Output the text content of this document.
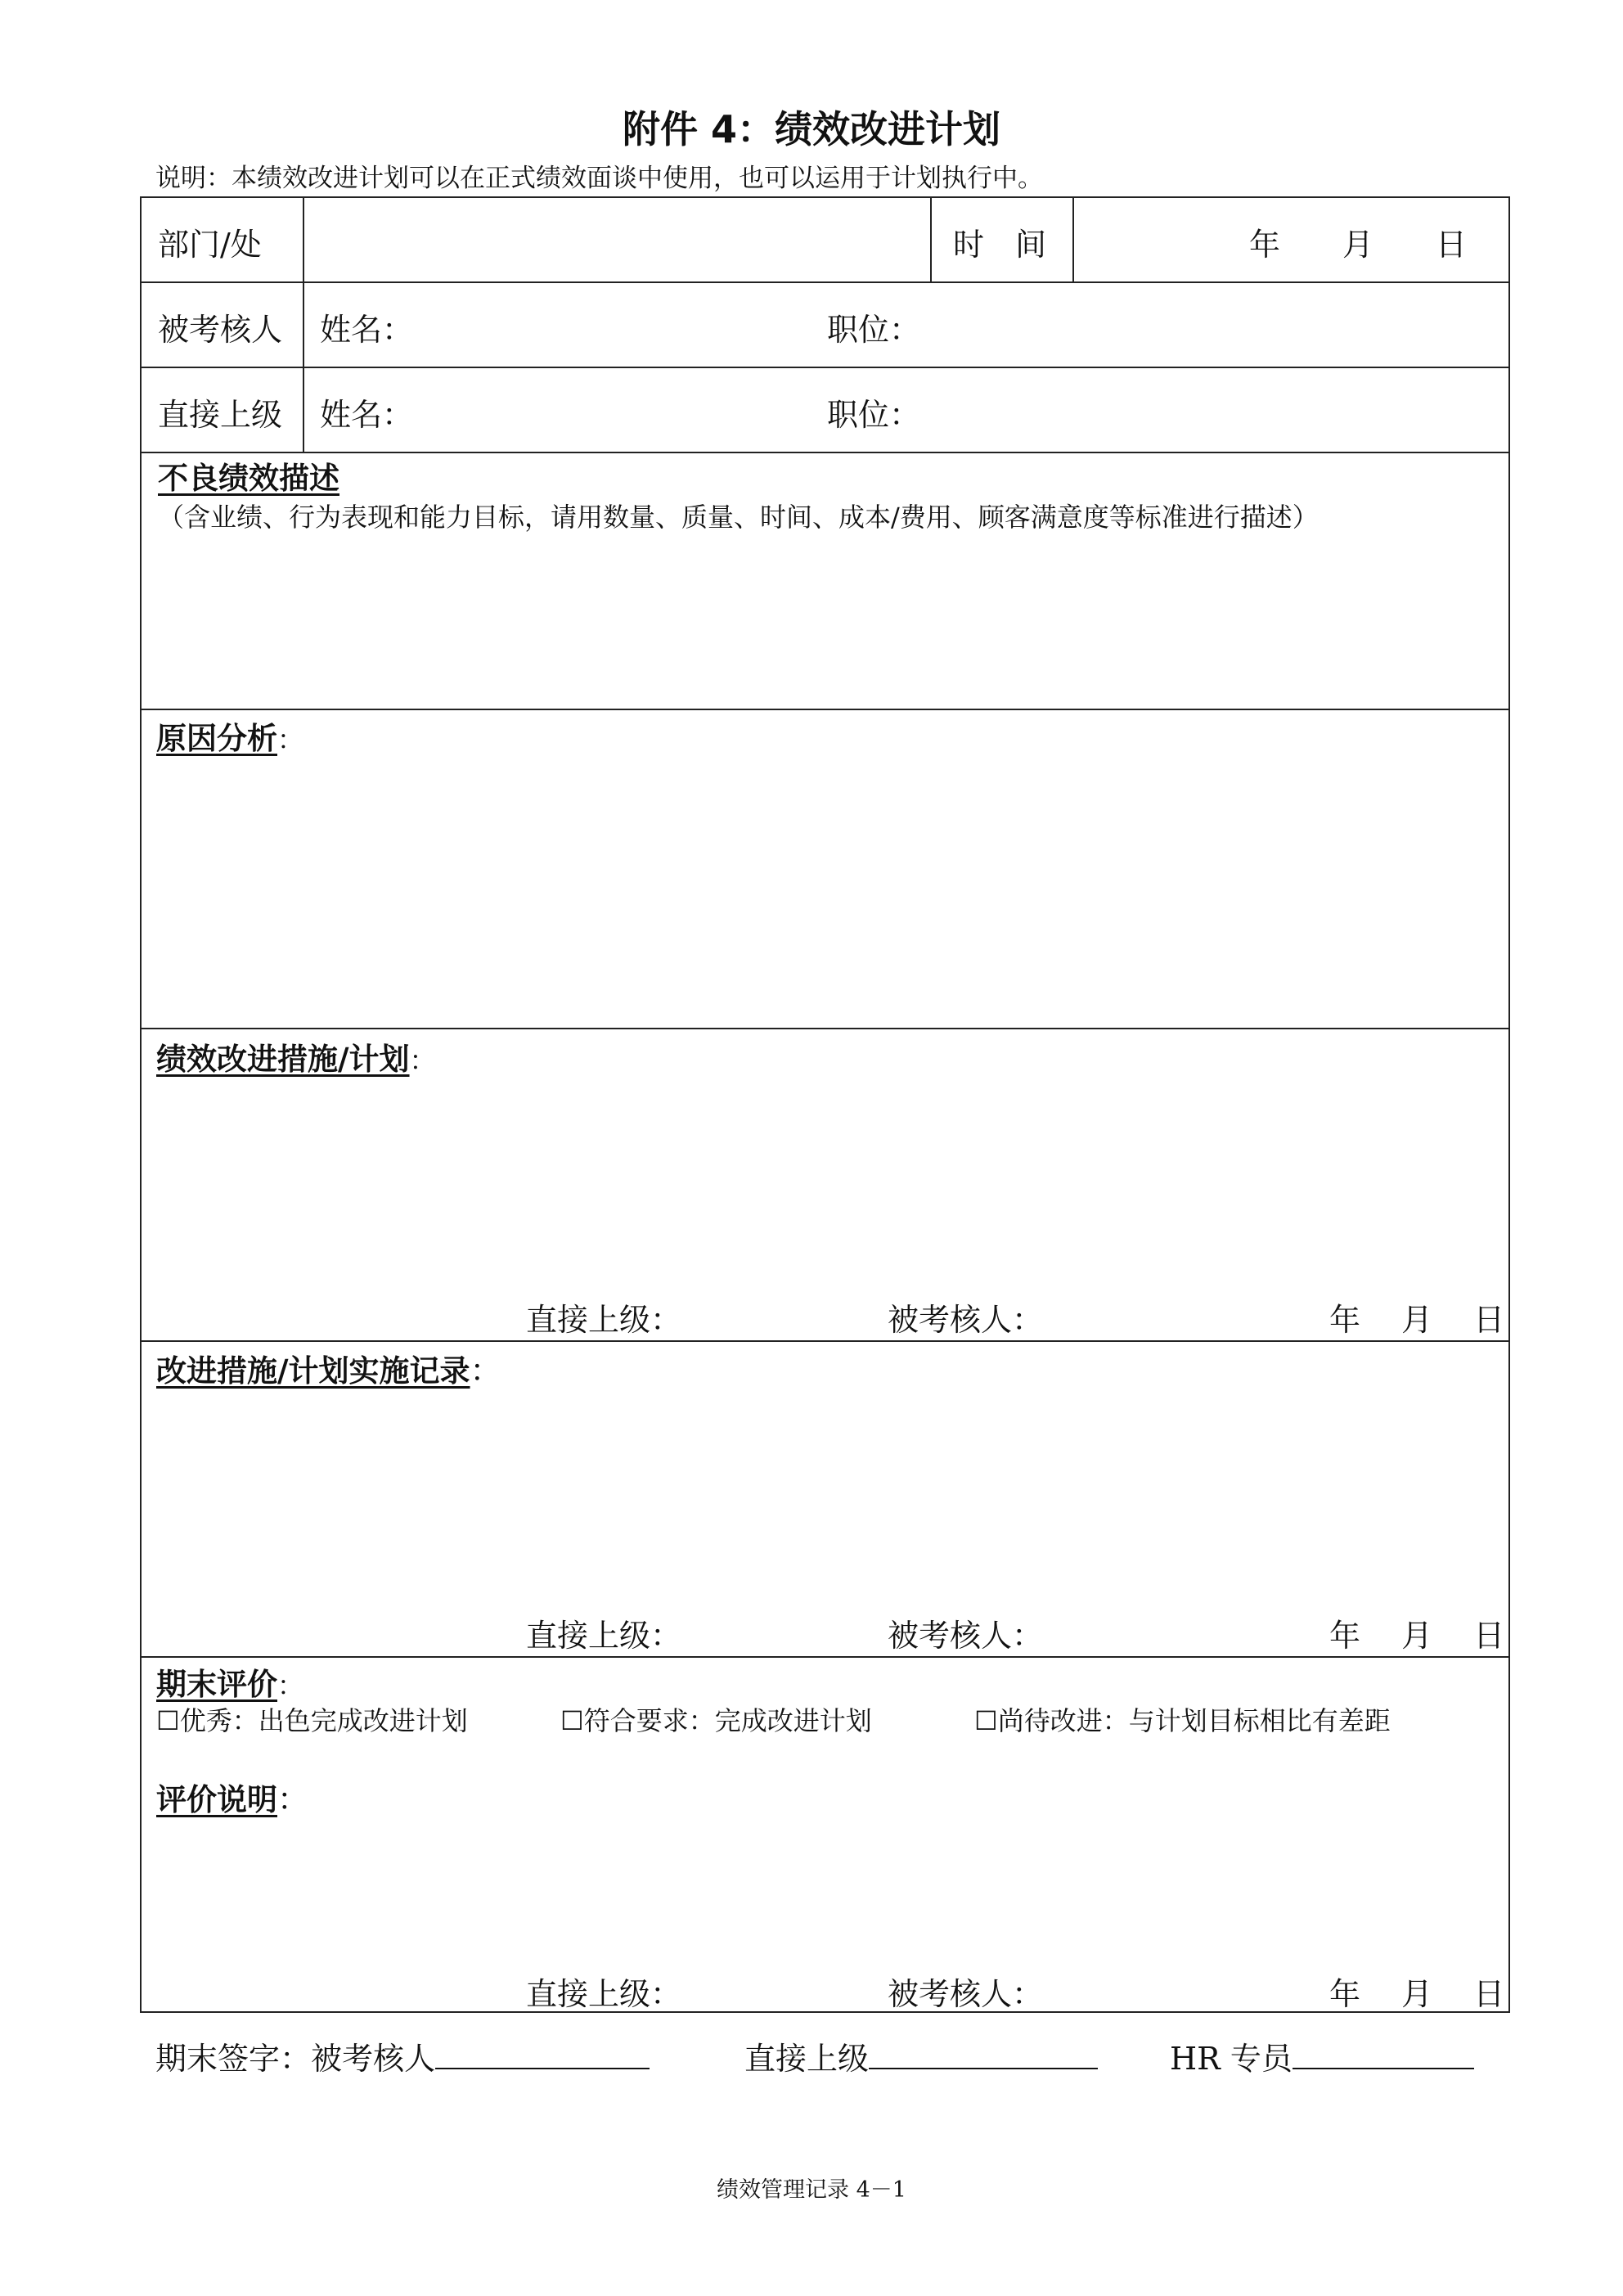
附件 4：绩效改进计划
说明：本绩效改进计划可以在正式绩效面谈中使用，也可以运用于计划执行中。
部门/处	时　间	年　　月　　日
被考核人 姓名：	职位：
直接上级 姓名：	职位：
不良绩效描述（含业绩、行为表现和能力目标，请用数量、质量、时间、成本/费用、顾客满意度等标准进行描述）
原因分析：
绩效改进措施/计划：
直接上级：	被考核人：	年　 月　 日
改进措施/计划实施记录：
直接上级：	被考核人：	年　 月　 日
期末评价：
☐优秀：出色完成改进计划	☐符合要求：完成改进计划	☐尚待改进：与计划目标相比有差距
评价说明：
直接上级：	被考核人：	年　 月　 日
期末签字：被考核人	直接上级	HR 专员
绩效管理记录 4－1
